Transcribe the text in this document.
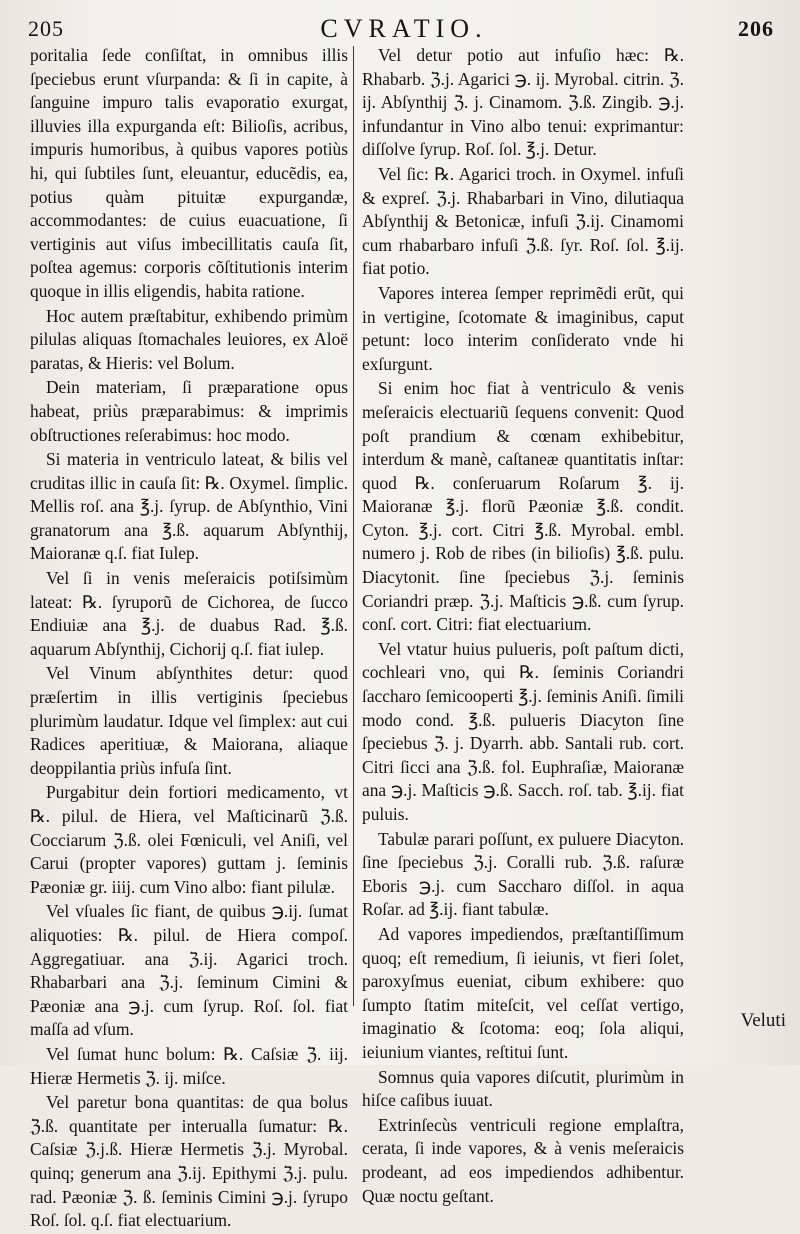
205	CVRATIO.	206

poritalia ſede conſiſtat, in omnibus illis ſpeciebus erunt vſurpanda: & ſi in capite, à ſanguine impuro talis evaporatio exurgat, illuvies illa expurganda eſt: Bilioſis, acribus, impuris humoribus, à quibus vapores potiùs hi, qui ſubtiles ſunt, eleuantur, educẽdis, ea, potius quàm pituitæ expurgandæ, accommodantes: de cuius euacuatione, ſi vertiginis aut viſus imbecillitatis cauſa ſit, poſtea agemus: corporis cõſtitutionis interim quoque in illis eligendis, habita ratione.

Hoc autem præſtabitur, exhibendo primùm pilulas aliquas ſtomachales leuiores, ex Aloë paratas, & Hieris: vel Bolum.

Dein materiam, ſi præparatione opus habeat, priùs præparabimus: & imprimis obſtructiones reſerabimus: hoc modo.

Si materia in ventriculo lateat, & bilis vel cruditas illic in cauſa ſit: ℞. Oxymel. ſimplic. Mellis roſ. ana ℥.j. ſyrup. de Abſynthio, Vini granatorum ana ℥.ß. aquarum Abſynthij, Maioranæ q.ſ. fiat Iulep.

Vel ſi in venis meſeraicis potiſsimùm lateat: ℞. ſyruporũ de Cichorea, de ſucco Endiuiæ ana ℥.j. de duabus Rad. ℥.ß. aquarum Abſynthij, Cichorij q.ſ. fiat iulep.

Vel Vinum abſynthites detur: quod præſertim in illis vertiginis ſpeciebus plurimùm laudatur. Idque vel ſimplex: aut cui Radices aperitiuæ, & Maiorana, aliaque deoppilantia priùs infuſa ſint.

Purgabitur dein fortiori medicamento, vt ℞. pilul. de Hiera, vel Maſticinarũ ℨ.ß. Cocciarum ℨ.ß. olei Fœniculi, vel Aniſi, vel Carui (propter vapores) guttam j. ſeminis Pæoniæ gr. iiij. cum Vino albo: fiant pilulæ.

Vel vſuales ſic fiant, de quibus ℈.ij. ſumat aliquoties: ℞. pilul. de Hiera compoſ. Aggregatiuar. ana ℨ.ij. Agarici troch. Rhabarbari ana ℨ.j. ſeminum Cimini & Pæoniæ ana ℈.j. cum ſyrup. Roſ. ſol. fiat maſſa ad vſum.

Vel ſumat hunc bolum: ℞. Caſsiæ ℨ. iij. Hieræ Hermetis ℨ. ij. miſce.

Vel paretur bona quantitas: de qua bolus ℨ.ß. quantitate per interualla ſumatur: ℞. Caſsiæ ℨ.j.ß. Hieræ Hermetis ℨ.j. Myrobal. quinq; generum ana ℨ.ij. Epithymi ℨ.j. pulu. rad. Pæoniæ ℨ. ß. ſeminis Cimini ℈.j. ſyrupo Roſ. ſol. q.ſ. fiat electuarium.

Vel detur potio aut infuſio hæc: ℞. Rhabarb. ℨ.j. Agarici ℈. ij. Myrobal. citrin. ℨ. ij. Abſynthij ℨ. j. Cinamom. ℨ.ß. Zingib. ℈.j. infundantur in Vino albo tenui: exprimantur: diſſolve ſyrup. Roſ. ſol. ℥.j. Detur.

Vel ſic: ℞. Agarici troch. in Oxymel. infuſi & expreſ. ℨ.j. Rhabarbari in Vino, dilutiaqua Abſynthij & Betonicæ, infuſi ℨ.ij. Cinamomi cum rhabarbaro infuſi ℨ.ß. ſyr. Roſ. ſol. ℥.ij. fiat potio.

Vapores interea ſemper reprimẽdi erũt, qui in vertigine, ſcotomate & imaginibus, caput petunt: loco interim conſiderato vnde hi exſurgunt.

Si enim hoc fiat à ventriculo & venis meſeraicis electuariũ ſequens convenit: Quod poſt prandium & cœnam exhibebitur, interdum & manè, caſtaneæ quantitatis inſtar: quod ℞. conſeruarum Roſarum ℥. ij. Maioranæ ℥.j. florũ Pæoniæ ℥.ß. condit. Cyton. ℥.j. cort. Citri ℥.ß. Myrobal. embl. numero j. Rob de ribes (in bilioſis) ℥.ß. pulu. Diacytonit. ſine ſpeciebus ℨ.j. ſeminis Coriandri præp. ℨ.j. Maſticis ℈.ß. cum ſyrup. conſ. cort. Citri: fiat electuarium.

Vel vtatur huius pulueris, poſt paſtum dicti, cochleari vno, qui ℞. ſeminis Coriandri ſaccharo ſemicooperti ℥.j. ſeminis Aniſi. ſimili modo cond. ℥.ß. pulueris Diacyton ſine ſpeciebus ℨ. j. Dyarrh. abb. Santali rub. cort. Citri ſicci ana ℨ.ß. fol. Euphraſiæ, Maioranæ ana ℈.j. Maſticis ℈.ß. Sacch. roſ. tab. ℥.ij. fiat puluis.

Tabulæ parari poſſunt, ex puluere Diacyton. ſine ſpeciebus ℨ.j. Coralli rub. ℨ.ß. raſuræ Eboris ℈.j. cum Saccharo diſſol. in aqua Roſar. ad ℥.ij. fiant tabulæ.

Ad vapores impediendos, præſtantiſſimum quoq; eſt remedium, ſi ieiunis, vt fieri ſolet, paroxyſmus eueniat, cibum exhibere: quo ſumpto ſtatim miteſcit, vel ceſſat vertigo, imaginatio & ſcotoma: eoq; ſola aliqui, ieiunium viantes, reſtitui ſunt.

Somnus quia vapores diſcutit, plurimùm in hiſce caſibus iuuat.

Extrinſecùs ventriculi regione emplaſtra, cerata, ſi inde vapores, & à venis meſeraicis prodeant, ad eos impediendos adhibentur. Quæ noctu geſtant.

Veluti
